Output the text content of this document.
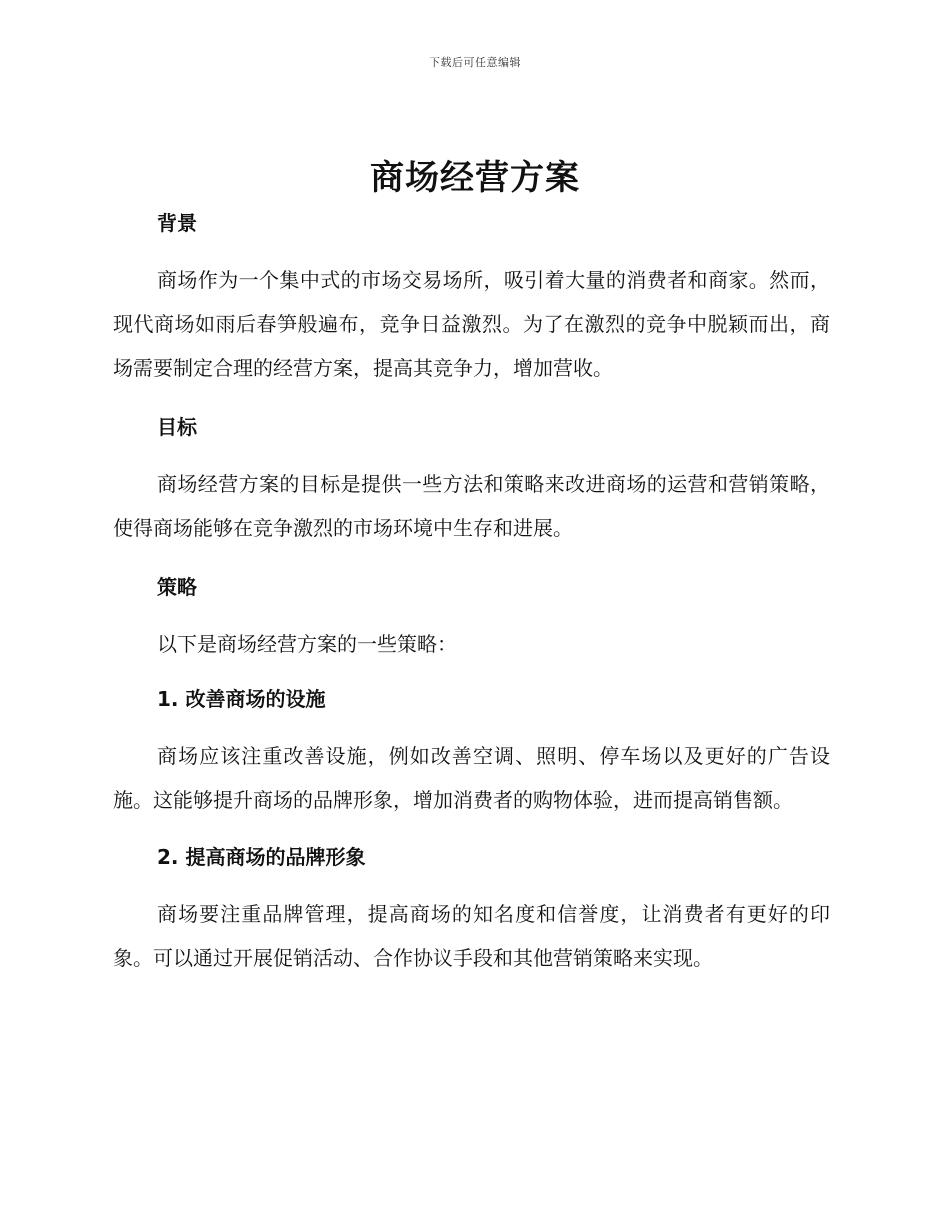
下载后可任意编辑
商场经营方案

背景

商场作为一个集中式的市场交易场所，吸引着大量的消费者和商家。然而，现代商场如雨后春笋般遍布，竞争日益激烈。为了在激烈的竞争中脱颖而出，商场需要制定合理的经营方案，提高其竞争力，增加营收。

目标

商场经营方案的目标是提供一些方法和策略来改进商场的运营和营销策略，使得商场能够在竞争激烈的市场环境中生存和进展。

策略

以下是商场经营方案的一些策略：

1. 改善商场的设施

商场应该注重改善设施，例如改善空调、照明、停车场以及更好的广告设施。这能够提升商场的品牌形象，增加消费者的购物体验，进而提高销售额。

2. 提高商场的品牌形象

商场要注重品牌管理，提高商场的知名度和信誉度，让消费者有更好的印象。可以通过开展促销活动、合作协议手段和其他营销策略来实现。
